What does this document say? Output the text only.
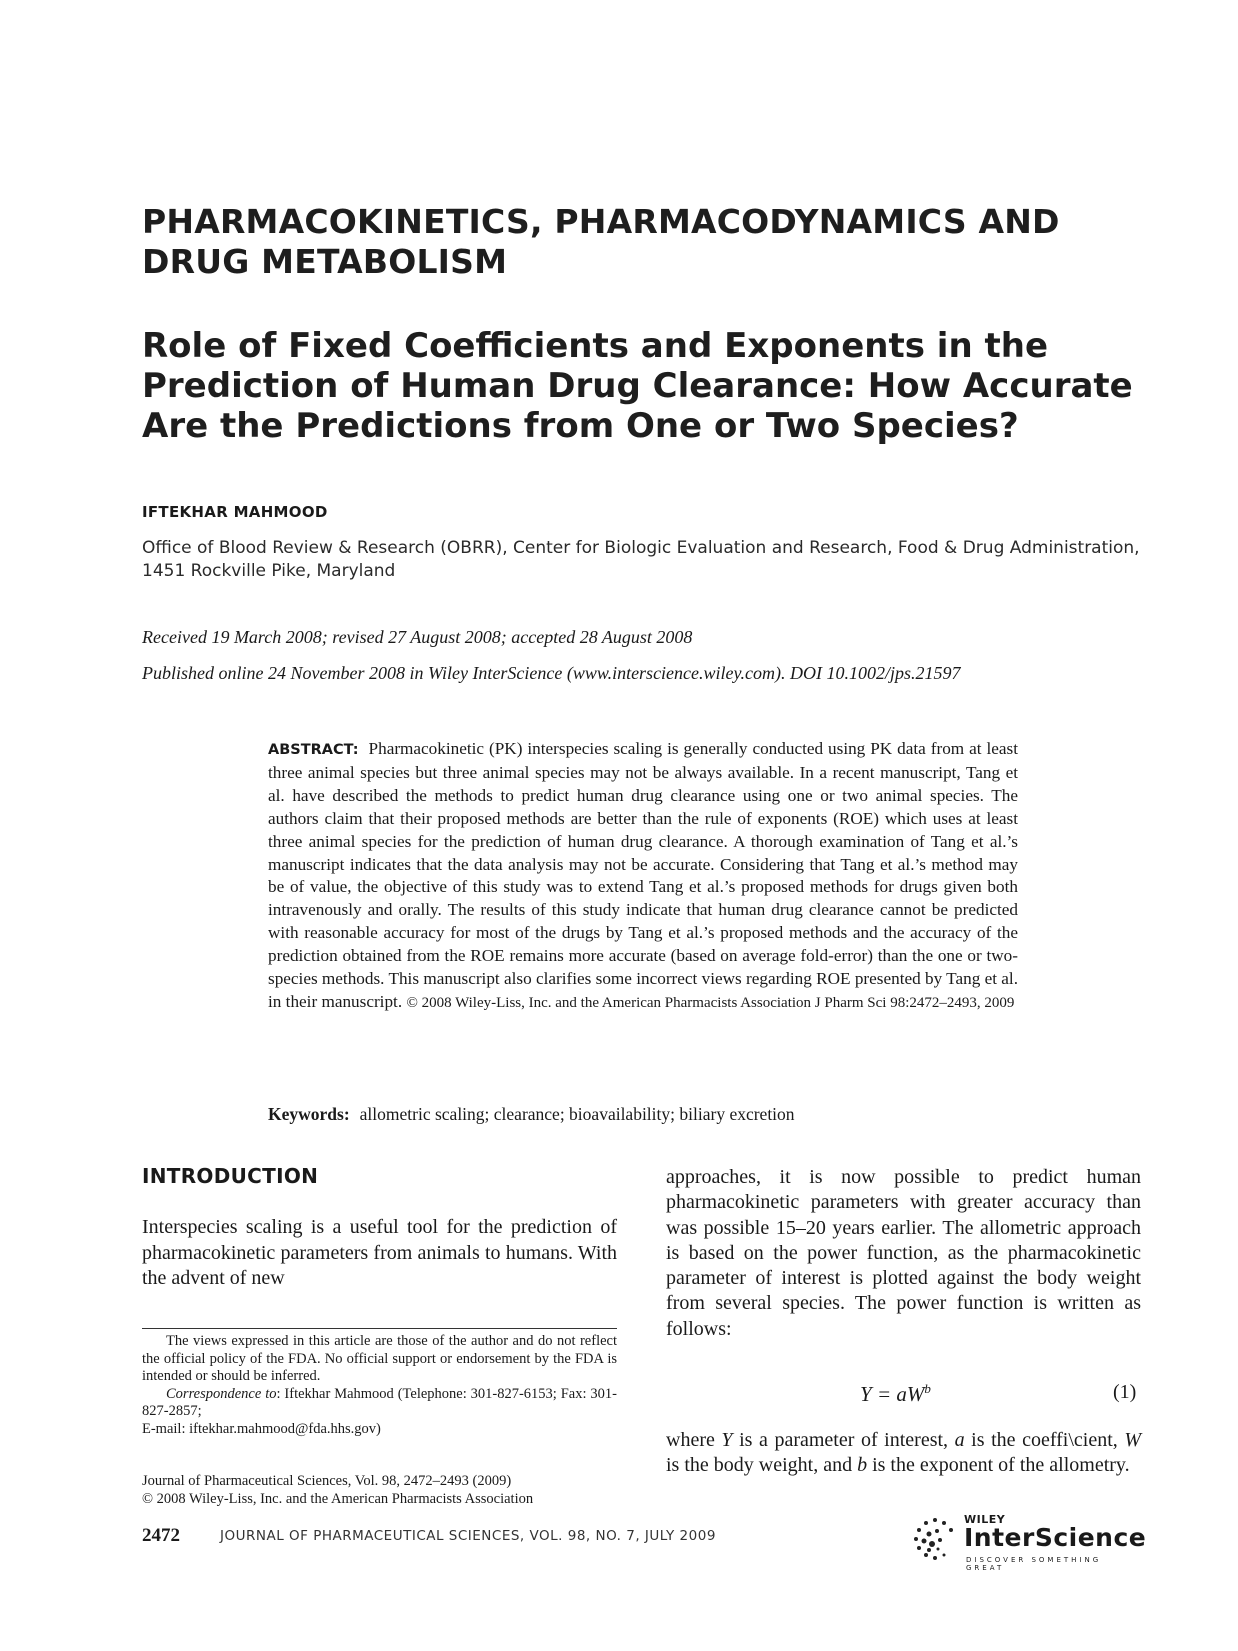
PHARMACOKINETICS, PHARMACODYNAMICS AND DRUG METABOLISM
Role of Fixed Coefficients and Exponents in the Prediction of Human Drug Clearance: How Accurate Are the Predictions from One or Two Species?
IFTEKHAR MAHMOOD
Office of Blood Review & Research (OBRR), Center for Biologic Evaluation and Research, Food & Drug Administration, 1451 Rockville Pike, Maryland
Received 19 March 2008; revised 27 August 2008; accepted 28 August 2008
Published online 24 November 2008 in Wiley InterScience (www.interscience.wiley.com). DOI 10.1002/jps.21597
ABSTRACT: Pharmacokinetic (PK) interspecies scaling is generally conducted using PK data from at least three animal species but three animal species may not be always available. In a recent manuscript, Tang et al. have described the methods to predict human drug clearance using one or two animal species. The authors claim that their proposed methods are better than the rule of exponents (ROE) which uses at least three animal species for the prediction of human drug clearance. A thorough examination of Tang et al.’s manuscript indicates that the data analysis may not be accurate. Considering that Tang et al.’s method may be of value, the objective of this study was to extend Tang et al.’s proposed methods for drugs given both intravenously and orally. The results of this study indicate that human drug clearance cannot be predicted with reasonable accuracy for most of the drugs by Tang et al.’s proposed methods and the accuracy of the prediction obtained from the ROE remains more accurate (based on average fold-error) than the one or two-species methods. This manuscript also clarifies some incorrect views regarding ROE presented by Tang et al. in their manuscript. © 2008 Wiley-Liss, Inc. and the American Pharmacists Association J Pharm Sci 98:2472–2493, 2009
Keywords: allometric scaling; clearance; bioavailability; biliary excretion
INTRODUCTION
Interspecies scaling is a useful tool for the prediction of pharmacokinetic parameters from animals to humans. With the advent of new

The views expressed in this article are those of the author and do not reflect the official policy of the FDA. No official support or endorsement by the FDA is intended or should be inferred.

Correspondence to: Iftekhar Mahmood (Telephone: 301-827-6153; Fax: 301-827-2857;

E-mail: iftekhar.mahmood@fda.hhs.gov)

Journal of Pharmaceutical Sciences, Vol. 98, 2472–2493 (2009)
© 2008 Wiley-Liss, Inc. and the American Pharmacists Association
approaches, it is now possible to predict human pharmacokinetic parameters with greater accuracy than was possible 15–20 years earlier. The allometric approach is based on the power function, as the pharmacokinetic parameter of interest is plotted against the body weight from several species. The power function is written as follows:
$Y = aW^b$	(1)
where Y is a parameter of interest, a is the coeffi\cient, W is the body weight, and b is the exponent of the allometry.
2472	JOURNAL OF PHARMACEUTICAL SCIENCES, VOL. 98, NO. 7, JULY 2009
WILEY
InterScience
DISCOVER SOMETHING GREAT
